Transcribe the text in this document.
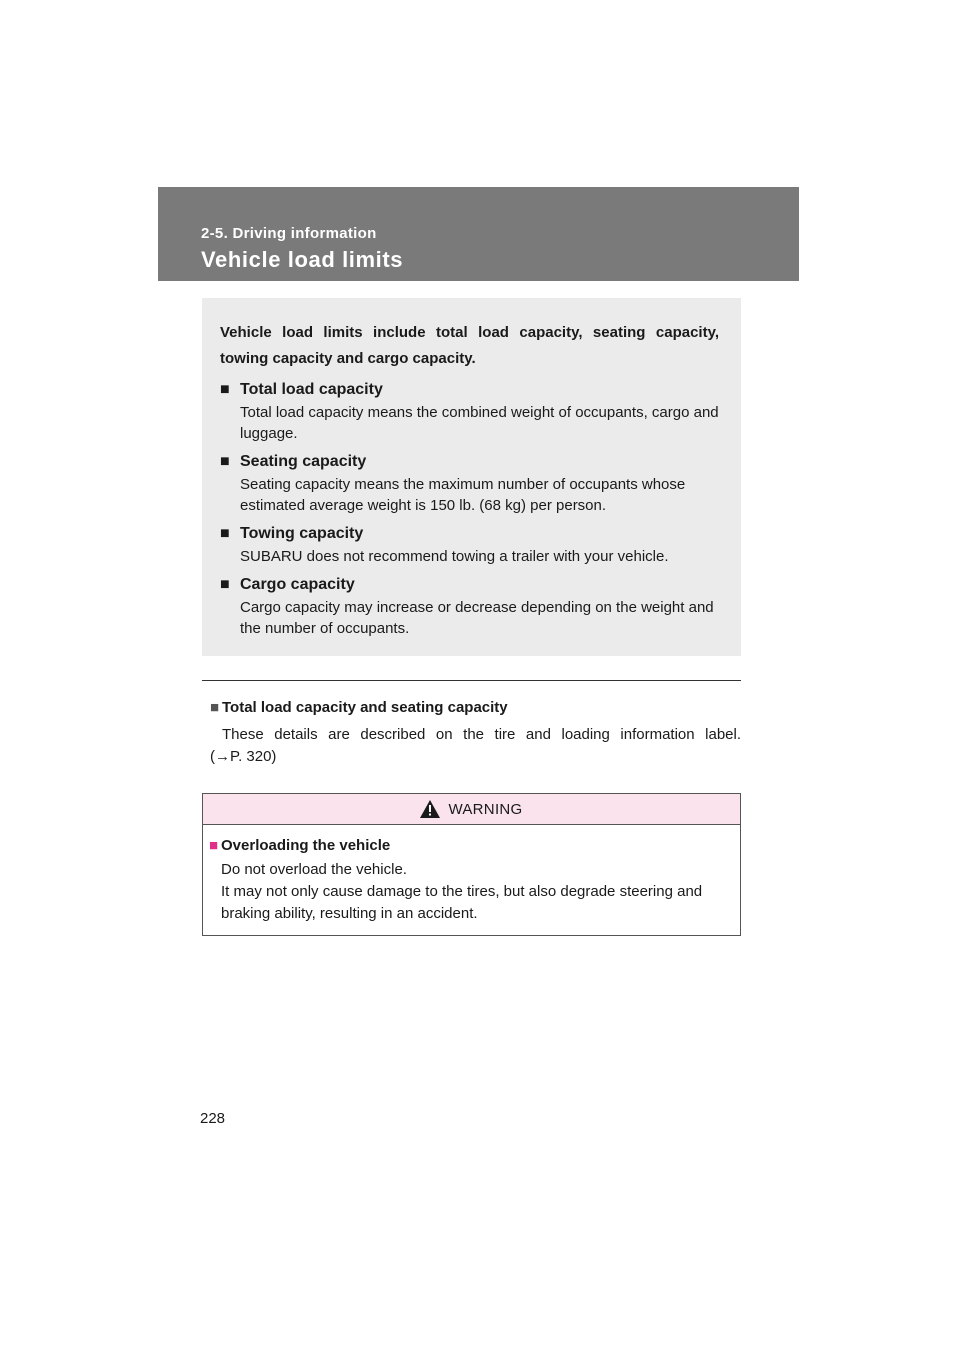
2-5. Driving information
Vehicle load limits

Vehicle load limits include total load capacity, seating capacity, towing capacity and cargo capacity.

■ Total load capacity
Total load capacity means the combined weight of occupants, cargo and luggage.
■ Seating capacity
Seating capacity means the maximum number of occupants whose estimated average weight is 150 lb. (68 kg) per person.
■ Towing capacity
SUBARU does not recommend towing a trailer with your vehicle.
■ Cargo capacity
Cargo capacity may increase or decrease depending on the weight and the number of occupants.
■ Total load capacity and seating capacity
These details are described on the tire and loading information label.
(→P. 320)
WARNING
■ Overloading the vehicle
Do not overload the vehicle.
It may not only cause damage to the tires, but also degrade steering and braking ability, resulting in an accident.
228
